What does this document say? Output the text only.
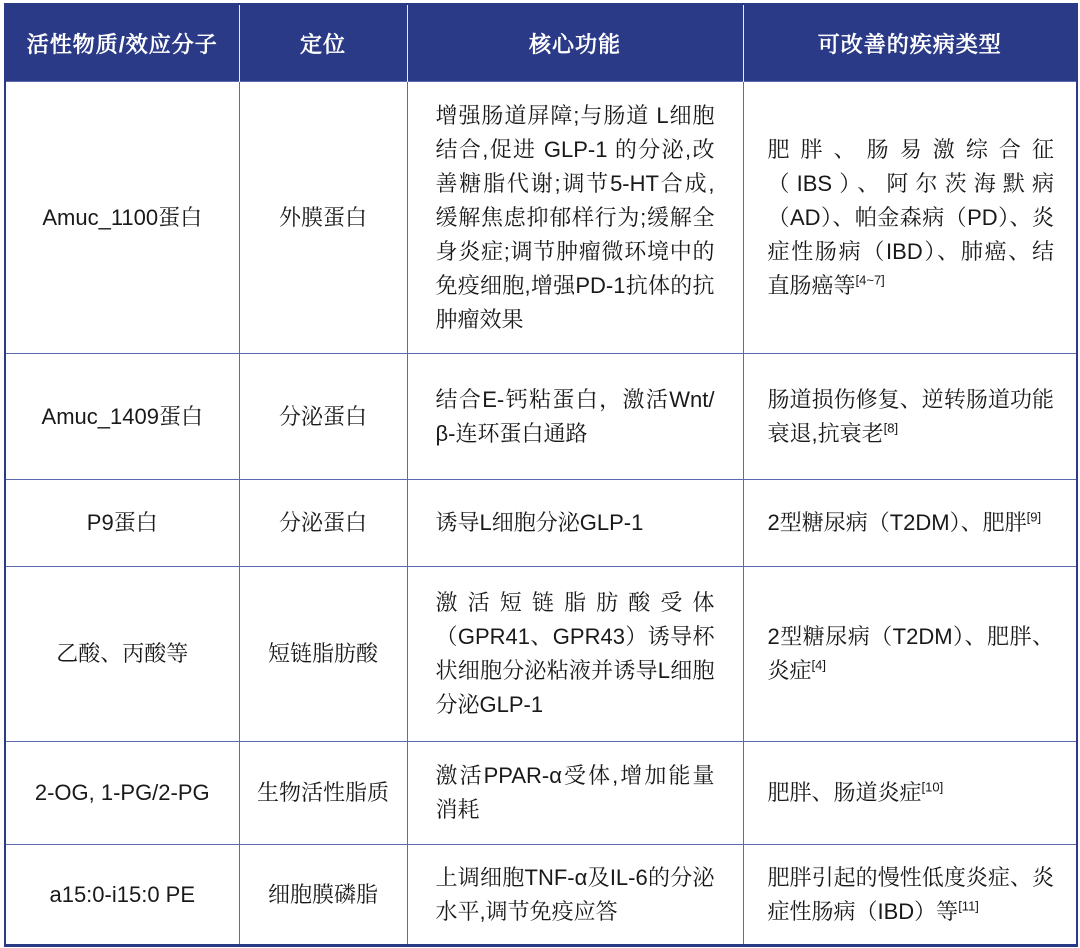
活性物质/效应分子	定位	核心功能	可改善的疾病类型
Amuc_1100蛋白	外膜蛋白	增强肠道屏障;与肠道 L细胞结合,促进 GLP-1 的分泌,改善糖脂代谢;调节5-HT合成,缓解焦虑抑郁样行为;缓解全身炎症;调节肿瘤微环境中的免疫细胞,增强PD-1抗体的抗肿瘤效果	肥胖、肠易激综合征（IBS）、阿尔茨海默病（AD）、帕金森病（PD）、炎症性肠病（IBD）、肺癌、结直肠癌等[4~7]
Amuc_1409蛋白	分泌蛋白	结合E-钙粘蛋白，激活Wnt/β-连环蛋白通路	肠道损伤修复、逆转肠道功能衰退,抗衰老[8]
P9蛋白	分泌蛋白	诱导L细胞分泌GLP-1	2型糖尿病（T2DM）、肥胖[9]
乙酸、丙酸等	短链脂肪酸	激活短链脂肪酸受体（GPR41、GPR43）诱导杯状细胞分泌粘液并诱导L细胞分泌GLP-1	2型糖尿病（T2DM）、肥胖、炎症[4]
2-OG, 1-PG/2-PG	生物活性脂质	激活PPAR-α受体,增加能量消耗	肥胖、肠道炎症[10]
a15:0-i15:0 PE	细胞膜磷脂	上调细胞TNF-α及IL-6的分泌水平,调节免疫应答	肥胖引起的慢性低度炎症、炎症性肠病（IBD）等[11]
